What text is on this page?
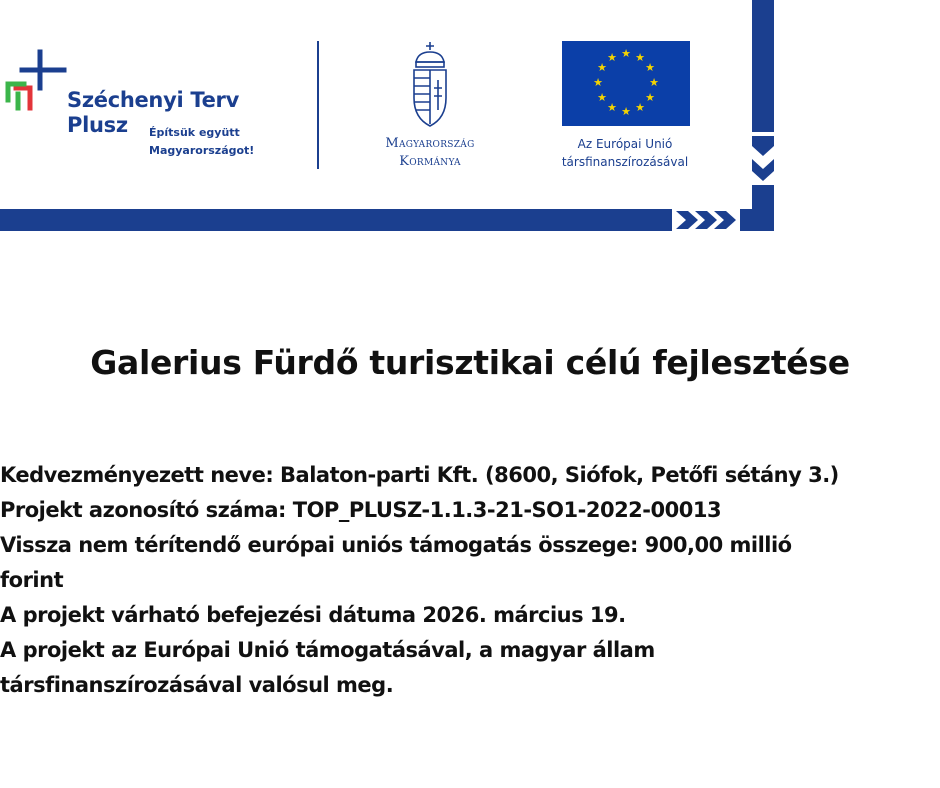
Széchenyi Terv
Plusz Építsük együtt
Magyarországot!	Magyarország
Kormánya
★ ★
★
★
★
★
★
★
★
★
★
★
Az Európai Unió
társfinanszírozásával
Galerius Fürdő turisztikai célú fejlesztése
Kedvezményezett neve: Balaton-parti Kft. (8600, Siófok, Petőfi sétány 3.)
Projekt azonosító száma: TOP_PLUSZ-1.1.3-21-SO1-2022-00013
Vissza nem térítendő európai uniós támogatás összege: 900,00 millió
forint
A projekt várható befejezési dátuma 2026. március 19.
A projekt az Európai Unió támogatásával, a magyar állam
társfinanszírozásával valósul meg.
